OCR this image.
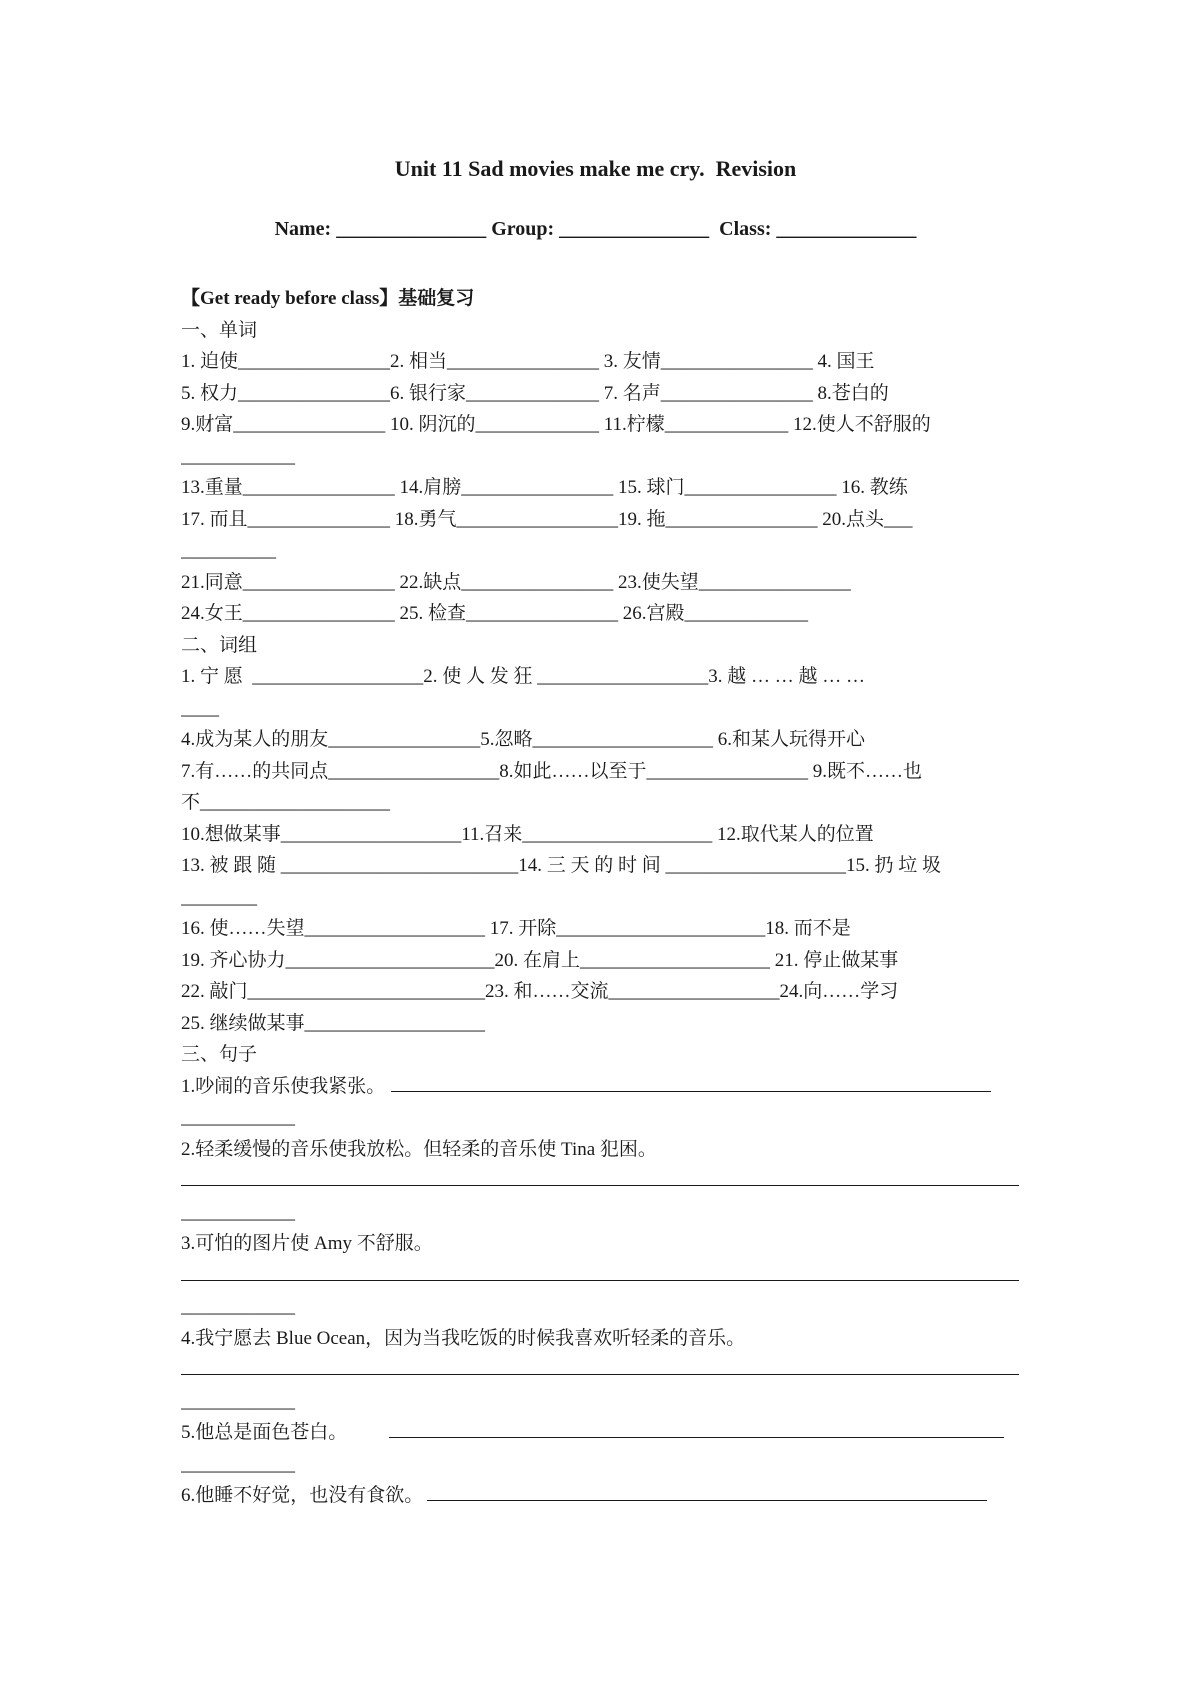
Unit 11 Sad movies make me cry.  Revision
Name: _______________ Group: _______________  Class: ______________
【Get ready before class】基础复习
一、单词
1. 迫使________________2. 相当________________ 3. 友情________________ 4. 国王
5. 权力________________6. 银行家______________ 7. 名声________________ 8.苍白的
9.财富________________ 10. 阴沉的_____________ 11.柠檬_____________ 12.使人不舒服的
____________
13.重量________________ 14.肩膀________________ 15. 球门________________ 16. 教练
17. 而且_______________ 18.勇气_________________19. 拖________________ 20.点头___
__________
21.同意________________ 22.缺点________________ 23.使失望________________
24.女王________________ 25. 检查________________ 26.宫殿_____________
二、词组
1. 宁 愿  __________________2. 使 人 发 狂 __________________3. 越 … … 越 … …
____
4.成为某人的朋友________________5.忽略___________________ 6.和某人玩得开心
7.有……的共同点__________________8.如此……以至于_________________ 9.既不……也
不____________________
10.想做某事___________________11.召来____________________ 12.取代某人的位置
13. 被 跟 随 _________________________14. 三 天 的 时 间 ___________________15. 扔 垃 圾
________
16. 使……失望___________________ 17. 开除______________________18. 而不是
19. 齐心协力______________________20. 在肩上____________________ 21. 停止做某事
22. 敲门_________________________23. 和……交流__________________24.向……学习
25. 继续做某事___________________
三、句子
1.吵闹的音乐使我紧张。
____________
2.轻柔缓慢的音乐使我放松。但轻柔的音乐使 Tina 犯困。
____________
3.可怕的图片使 Amy 不舒服。
____________
4.我宁愿去 Blue Ocean，因为当我吃饭的时候我喜欢听轻柔的音乐。
____________
5.他总是面色苍白。
____________
6.他睡不好觉，也没有食欲。
